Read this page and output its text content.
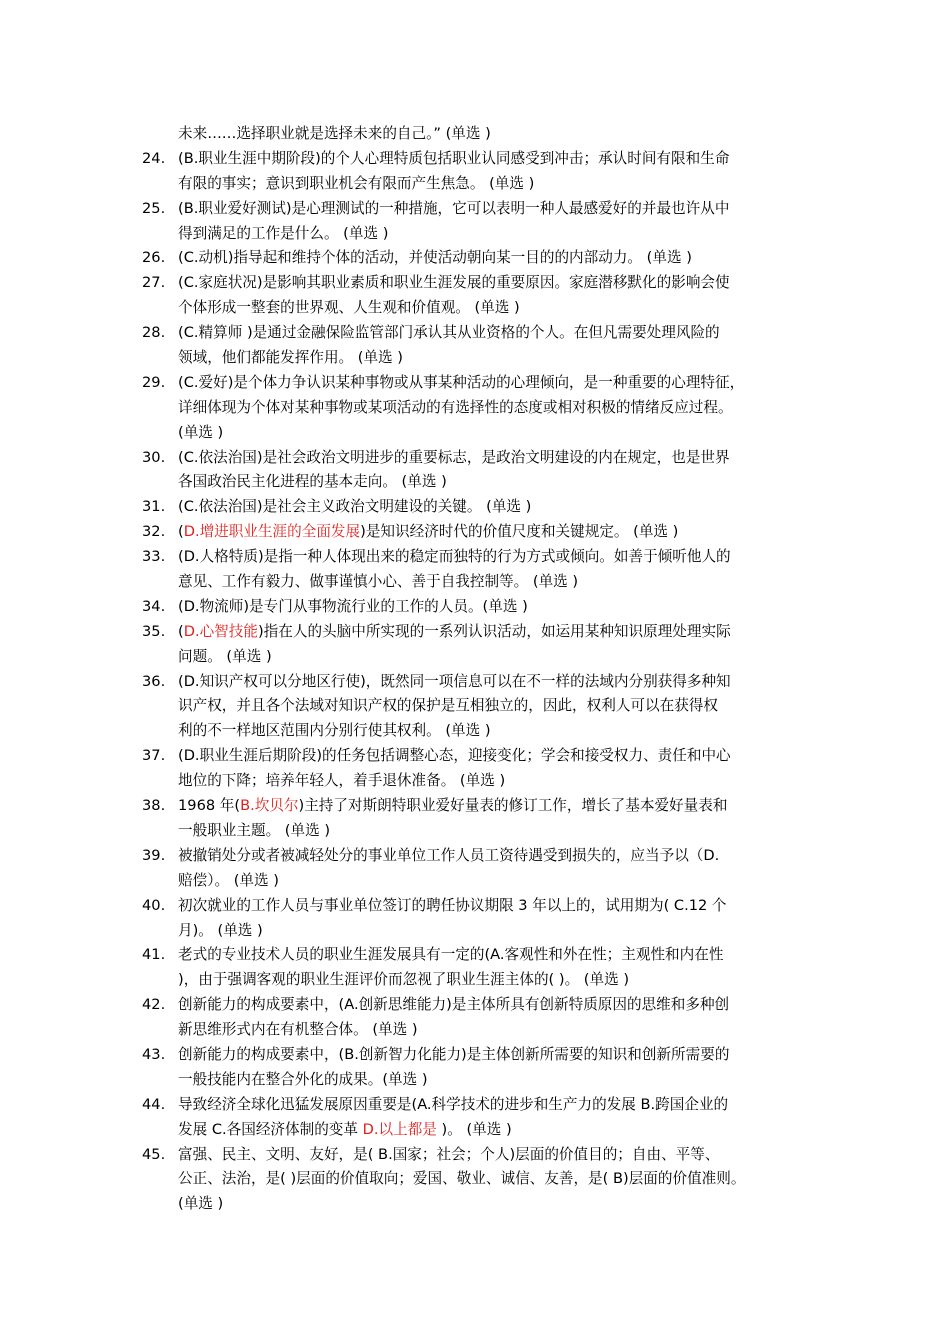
未来……选择职业就是选择未来的自己。” (单选 )
24. (B.职业生涯中期阶段)的个人心理特质包括职业认同感受到冲击；承认时间有限和生命
有限的事实；意识到职业机会有限而产生焦急。 (单选 )
25. (B.职业爱好测试)是心理测试的一种措施，它可以表明一种人最感爱好的并最也许从中
得到满足的工作是什么。 (单选 )
26. (C.动机)指导起和维持个体的活动，并使活动朝向某一目的的内部动力。 (单选 )
27. (C.家庭状况)是影响其职业素质和职业生涯发展的重要原因。家庭潜移默化的影响会使
个体形成一整套的世界观、人生观和价值观。 (单选 )
28. (C.精算师 )是通过金融保险监管部门承认其从业资格的个人。在但凡需要处理风险的
领域，他们都能发挥作用。 (单选 )
29. (C.爱好)是个体力争认识某种事物或从事某种活动的心理倾向，是一种重要的心理特征，
详细体现为个体对某种事物或某项活动的有选择性的态度或相对积极的情绪反应过程。
(单选 )
30. (C.依法治国)是社会政治文明进步的重要标志，是政治文明建设的内在规定，也是世界
各国政治民主化进程的基本走向。 (单选 )
31. (C.依法治国)是社会主义政治文明建设的关键。 (单选 )
32. (D.增进职业生涯的全面发展)是知识经济时代的价值尺度和关键规定。 (单选 )
33. (D.人格特质)是指一种人体现出来的稳定而独特的行为方式或倾向。如善于倾听他人的
意见、工作有毅力、做事谨慎小心、善于自我控制等。 (单选 )
34. (D.物流师)是专门从事物流行业的工作的人员。(单选 )
35. (D.心智技能)指在人的头脑中所实现的一系列认识活动，如运用某种知识原理处理实际
问题。 (单选 )
36. (D.知识产权可以分地区行使)，既然同一项信息可以在不一样的法域内分别获得多种知
识产权，并且各个法域对知识产权的保护是互相独立的，因此，权利人可以在获得权
利的不一样地区范围内分别行使其权利。 (单选 )
37. (D.职业生涯后期阶段)的任务包括调整心态，迎接变化；学会和接受权力、责任和中心
地位的下降；培养年轻人，着手退休准备。 (单选 )
38. 1968 年(B.坎贝尔)主持了对斯朗特职业爱好量表的修订工作，增长了基本爱好量表和
一般职业主题。 (单选 )
39. 被撤销处分或者被减轻处分的事业单位工作人员工资待遇受到损失的，应当予以（D.
赔偿）。 (单选 )
40. 初次就业的工作人员与事业单位签订的聘任协议期限 3 年以上的，试用期为( C.12 个
月)。 (单选 )
41. 老式的专业技术人员的职业生涯发展具有一定的(A.客观性和外在性；主观性和内在性
)，由于强调客观的职业生涯评价而忽视了职业生涯主体的( )。 (单选 )
42. 创新能力的构成要素中，(A.创新思维能力)是主体所具有创新特质原因的思维和多种创
新思维形式内在有机整合体。 (单选 )
43. 创新能力的构成要素中，(B.创新智力化能力)是主体创新所需要的知识和创新所需要的
一般技能内在整合外化的成果。(单选 )
44. 导致经济全球化迅猛发展原因重要是(A.科学技术的进步和生产力的发展 B.跨国企业的
发展 C.各国经济体制的变革 D.以上都是 )。 (单选 )
45. 富强、民主、文明、友好，是( B.国家；社会；个人)层面的价值目的；自由、平等、
公正、法治，是( )层面的价值取向；爱国、敬业、诚信、友善，是( B)层面的价值准则。
(单选 )
